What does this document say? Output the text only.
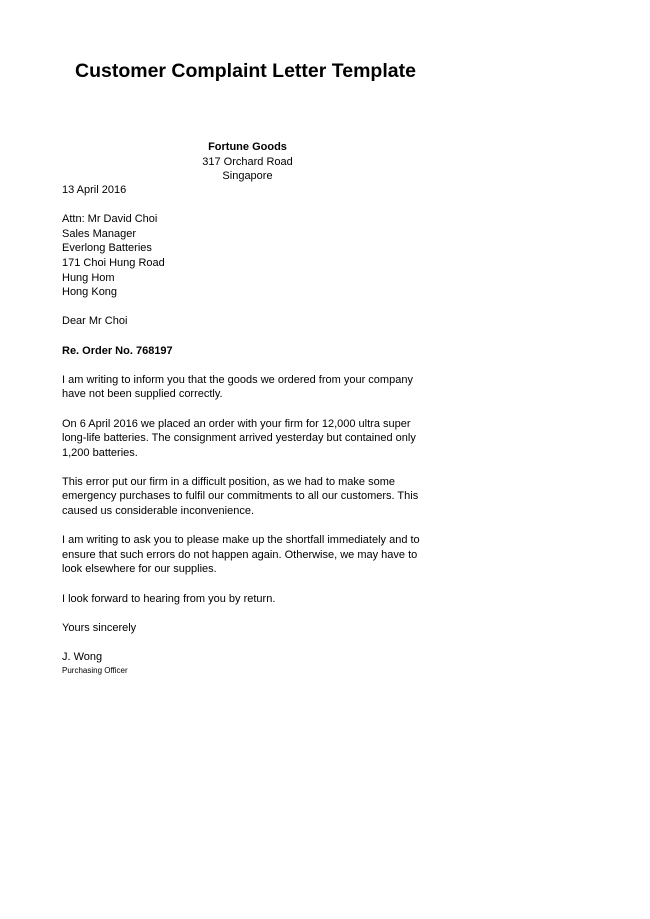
Customer Complaint Letter Template
Fortune Goods
317 Orchard Road
Singapore
13 April 2016
Attn: Mr David Choi
Sales Manager
Everlong Batteries
171 Choi Hung Road
Hung Hom
Hong Kong
Dear Mr Choi
Re. Order No. 768197
I am writing to inform you that the goods we ordered from your company
have not been supplied correctly.
On 6 April 2016 we placed an order with your firm for 12,000 ultra super
long-life batteries. The consignment arrived yesterday but contained only
1,200 batteries.
This error put our firm in a difficult position, as we had to make some
emergency purchases to fulfil our commitments to all our customers. This
caused us considerable inconvenience.
I am writing to ask you to please make up the shortfall immediately and to
ensure that such errors do not happen again. Otherwise, we may have to
look elsewhere for our supplies.
I look forward to hearing from you by return.
Yours sincerely
J. Wong
Purchasing Officer
